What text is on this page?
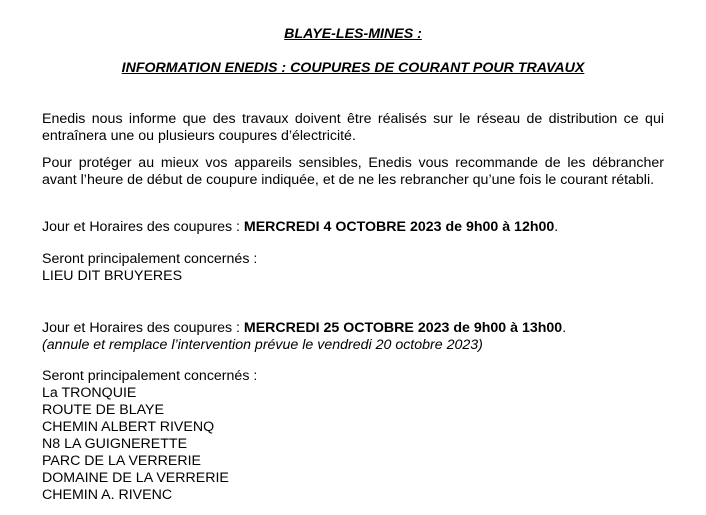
BLAYE-LES-MINES :
INFORMATION ENEDIS : COUPURES DE COURANT POUR TRAVAUX
Enedis nous informe que des travaux doivent être réalisés sur le réseau de distribution ce qui entraînera une ou plusieurs coupures d’électricité.
Pour protéger au mieux vos appareils sensibles, Enedis vous recommande de les débrancher avant l’heure de début de coupure indiquée, et de ne les rebrancher qu’une fois le courant rétabli.
Jour et Horaires des coupures : MERCREDI 4 OCTOBRE 2023 de 9h00 à 12h00.
Seront principalement concernés :
LIEU DIT BRUYERES
Jour et Horaires des coupures : MERCREDI 25 OCTOBRE 2023 de 9h00 à 13h00.
(annule et remplace l’intervention prévue le vendredi 20 octobre 2023)
Seront principalement concernés :
La TRONQUIE
ROUTE DE BLAYE
CHEMIN ALBERT RIVENQ
N8 LA GUIGNERETTE
PARC DE LA VERRERIE
DOMAINE DE LA VERRERIE
CHEMIN A. RIVENC
